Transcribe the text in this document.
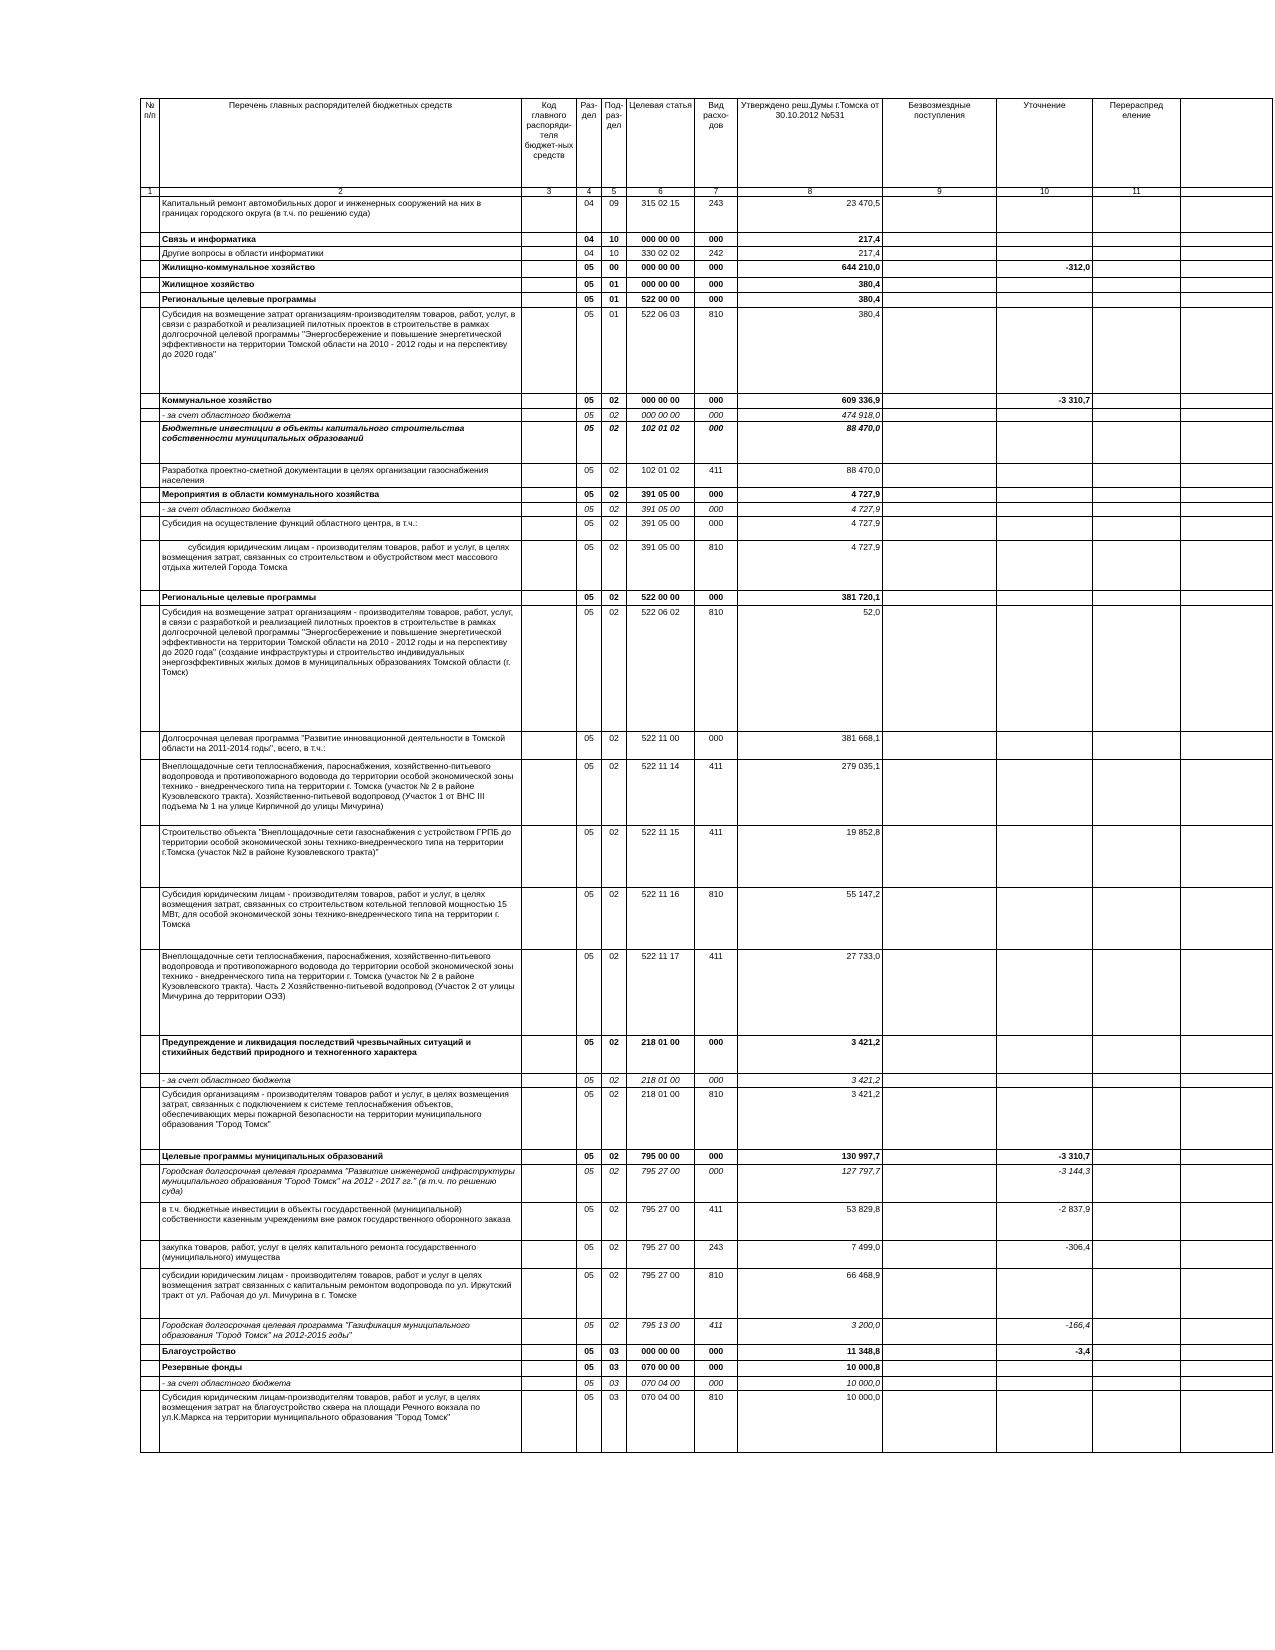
№ п/п	Перечень главных распорядителей бюджетных средств	Код главного распоряди-теля бюджет-ных средств	Раз-дел	Под-раз-дел	Целевая статья	Вид расхо-дов	Утверждено реш.Думы г.Томска от 30.10.2012 №531	Безвозмездные поступления	Уточнение	Перераспред еление	
1	2	3	4	5	6	7	8	9	10	11	
	Капитальный ремонт автомобильных дорог и инженерных сооружений на них в границах городского округа (в т.ч. по решению суда)		04	09	315 02 15	243	23 470,5				
	Связь и информатика		04	10	000 00 00	000	217,4				
	Другие вопросы в области информатики		04	10	330 02 02	242	217,4				
	Жилищно-коммунальное хозяйство		05	00	000 00 00	000	644 210,0		-312,0		
	Жилищное хозяйство		05	01	000 00 00	000	380,4				
	Региональные целевые программы		05	01	522 00 00	000	380,4				
	Субсидия на возмещение затрат организациям-производителям товаров, работ, услуг, в связи с разработкой и реализацией пилотных проектов в строительстве в рамках долгосрочной целевой программы "Энергосбережение и повышение энергетической эффективности на территории Томской области на 2010 - 2012 годы и на перспективу до 2020 года"		05	01	522 06 03	810	380,4				
	Коммунальное хозяйство		05	02	000 00 00	000	609 336,9		-3 310,7		
	- за счет областного бюджета		05	02	000 00 00	000	474 918,0				
	Бюджетные инвестиции в объекты капитального строительства собственности муниципальных образований		05	02	102 01 02	000	88 470,0				
	Разработка проектно-сметной документации в целях организации газоснабжения населения		05	02	102 01 02	411	88 470,0				
	Мероприятия в области коммунального хозяйства		05	02	391 05 00	000	4 727,9				
	- за счет областного бюджета		05	02	391 05 00	000	4 727,9				
	Субсидия на осуществление функций областного центра, в т.ч.:		05	02	391 05 00	000	4 727,9				
	субсидия юридическим лицам - производителям товаров, работ и услуг, в целях возмещения затрат, связанных со строительством и обустройством мест массового отдыха жителей Города Томска		05	02	391 05 00	810	4 727,9				
	Региональные целевые программы		05	02	522 00 00	000	381 720,1				
	Субсидия на возмещение затрат организациям - производителям товаров, работ, услуг, в связи с разработкой и реализацией пилотных проектов в строительстве в рамках долгосрочной целевой программы "Энергосбережение и повышение энергетической эффективности на территории Томской области на 2010 - 2012 годы и на перспективу до 2020 года" (создание инфраструктуры и строительство индивидуальных энергоэффективных жилых домов в муниципальных образованиях Томской области (г. Томск)		05	02	522 06 02	810	52,0				
	Долгосрочная целевая программа "Развитие инновационной деятельности в Томской области на 2011-2014 годы", всего, в т.ч.:		05	02	522 11 00	000	381 668,1				
	Внеплощадочные сети теплоснабжения, пароснабжения, хозяйственно-питьевого водопровода и противопожарного водовода до территории особой экономической зоны технико - внедренческого типа на территории г. Томска (участок № 2 в районе Кузовлевского тракта). Хозяйственно-питьевой водопровод (Участок 1 от ВНС III подъема № 1 на улице Кирпичной до улицы Мичурина)		05	02	522 11 14	411	279 035,1				
	Строительство объекта "Внеплощадочные сети газоснабжения с устройством ГРПБ до территории особой экономической зоны технико-внедренческого типа на территории г.Томска (участок №2 в районе Кузовлевского тракта)"		05	02	522 11 15	411	19 852,8				
	Субсидия юридическим лицам - производителям товаров, работ и услуг, в целях возмещения затрат, связанных со строительством котельной тепловой мощностью 15 МВт, для особой экономической зоны технико-внедренческого типа на территории г. Томска		05	02	522 11 16	810	55 147,2				
	Внеплощадочные сети теплоснабжения, пароснабжения, хозяйственно-питьевого водопровода и противопожарного водовода до территории особой экономической зоны технико - внедренческого типа на территории г. Томска (участок № 2 в районе Кузовлевского тракта). Часть 2 Хозяйственно-питьевой водопровод (Участок 2 от улицы Мичурина до территории ОЭЗ)		05	02	522 11 17	411	27 733,0				
	Предупреждение и ликвидация последствий чрезвычайных ситуаций и стихийных бедствий природного и техногенного характера		05	02	218 01 00	000	3 421,2				
	- за счет областного бюджета		05	02	218 01 00	000	3 421,2				
	Субсидия организациям - производителям товаров работ и услуг, в целях возмещения затрат, связанных с подключением к системе теплоснабжения объектов, обеспечивающих меры пожарной безопасности на территории муниципального образования "Город Томск"		05	02	218 01 00	810	3 421,2				
	Целевые программы муниципальных образований		05	02	795 00 00	000	130 997,7		-3 310,7		
	Городская долгосрочная целевая программа "Развитие инженерной инфраструктуры муниципального образования "Город Томск" на 2012 - 2017 гг." (в т.ч. по решению суда)		05	02	795 27 00	000	127 797,7		-3 144,3		
	в т.ч. бюджетные инвестиции в объекты государственной (муниципальной) собственности казенным учреждениям вне рамок государственного оборонного заказа		05	02	795 27 00	411	53 829,8		-2 837,9		
	закупка товаров, работ, услуг в целях капитального ремонта государственного (муниципального) имущества		05	02	795 27 00	243	7 499,0		-306,4		
	субсидии юридическим лицам - производителям товаров, работ и услуг в целях возмещения затрат связанных с капитальным ремонтом водопровода по ул. Иркутский тракт от ул. Рабочая до ул. Мичурина в г. Томске		05	02	795 27 00	810	66 468,9				
	Городская долгосрочная целевая программа "Газификация муниципального образования "Город Томск" на 2012-2015 годы"		05	02	795 13 00	411	3 200,0		-166,4		
	Благоустройство		05	03	000 00 00	000	11 348,8		-3,4		
	Резервные фонды		05	03	070 00 00	000	10 000,8				
	- за счет областного бюджета		05	03	070 04 00	000	10 000,0				
	Субсидия юридическим лицам-производителям товаров, работ и услуг, в целях возмещения затрат на благоустройство сквера на площади Речного вокзала по ул.К.Маркса на территории муниципального образования "Город Томск"		05	03	070 04 00	810	10 000,0				
